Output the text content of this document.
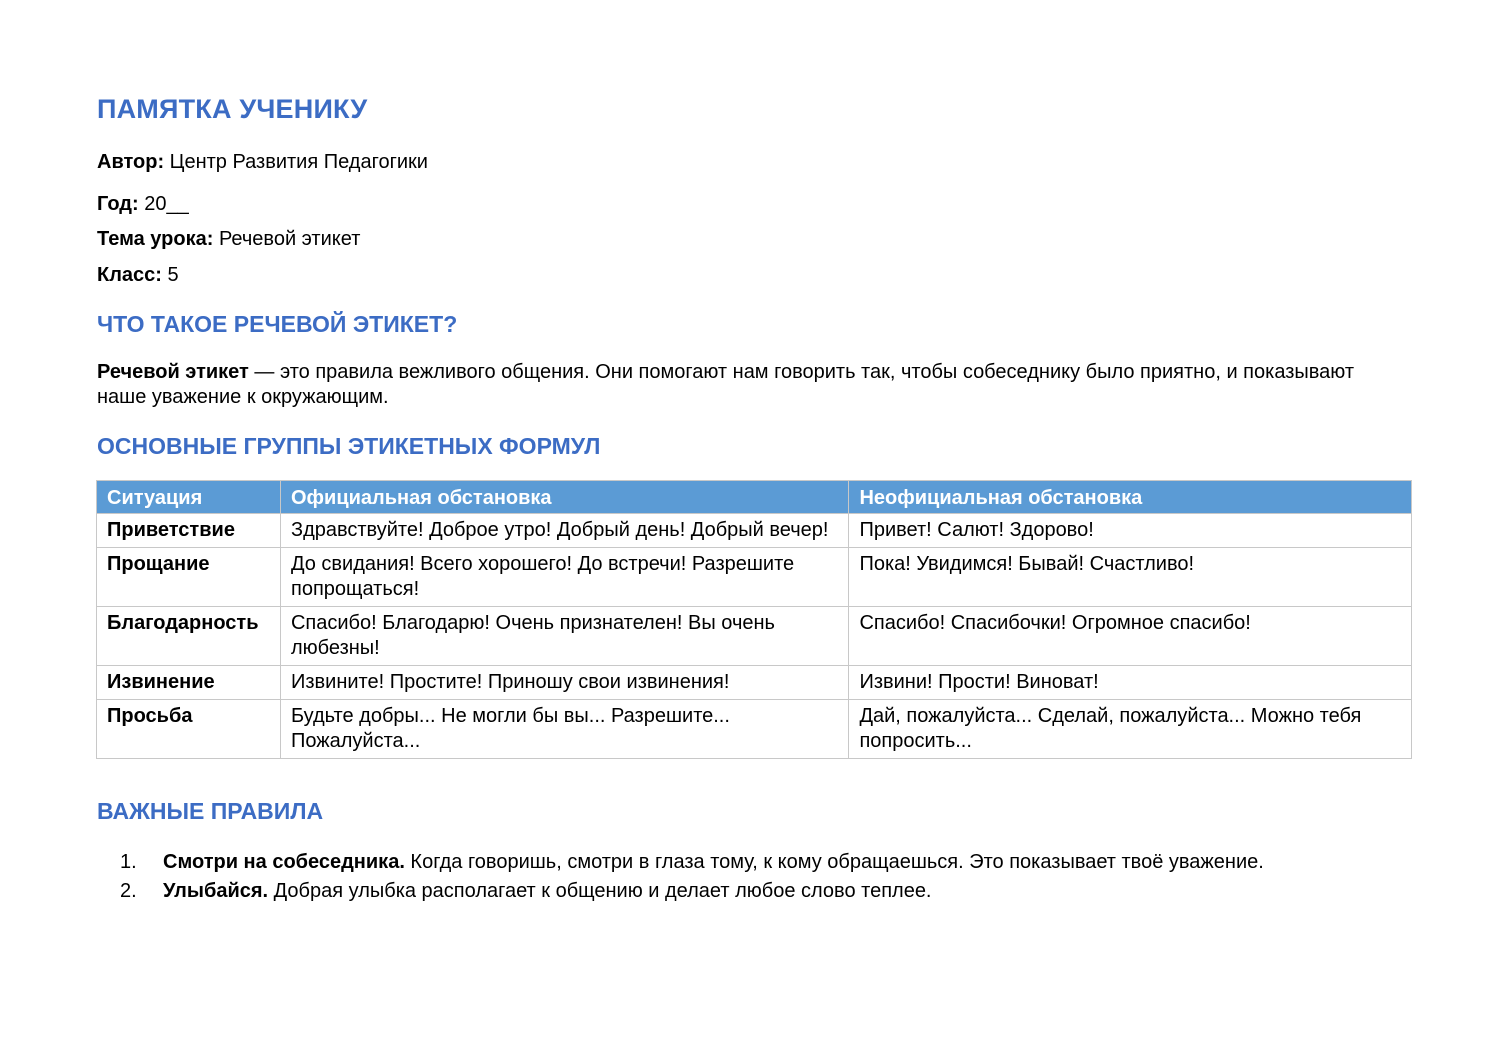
ПАМЯТКА УЧЕНИКУ
Автор: Центр Развития Педагогики
Год: 20__
Тема урока: Речевой этикет
Класс: 5
ЧТО ТАКОЕ РЕЧЕВОЙ ЭТИКЕТ?
Речевой этикет — это правила вежливого общения. Они помогают нам говорить так, чтобы собеседнику было приятно, и показывают наше уважение к окружающим.
ОСНОВНЫЕ ГРУППЫ ЭТИКЕТНЫХ ФОРМУЛ
Ситуация	Официальная обстановка	Неофициальная обстановка
Приветствие	Здравствуйте! Доброе утро! Добрый день! Добрый вечер!	Привет! Салют! Здорово!
Прощание	До свидания! Всего хорошего! До встречи! Разрешите попрощаться!	Пока! Увидимся! Бывай! Счастливо!
Благодарность	Спасибо! Благодарю! Очень признателен! Вы очень любезны!	Спасибо! Спасибочки! Огромное спасибо!
Извинение	Извините! Простите! Приношу свои извинения!	Извини! Прости! Виноват!
Просьба	Будьте добры... Не могли бы вы... Разрешите... Пожалуйста...	Дай, пожалуйста... Сделай, пожалуйста... Можно тебя попросить...
ВАЖНЫЕ ПРАВИЛА
1. Смотри на собеседника. Когда говоришь, смотри в глаза тому, к кому обращаешься. Это показывает твоё уважение.
2. Улыбайся. Добрая улыбка располагает к общению и делает любое слово теплее.
